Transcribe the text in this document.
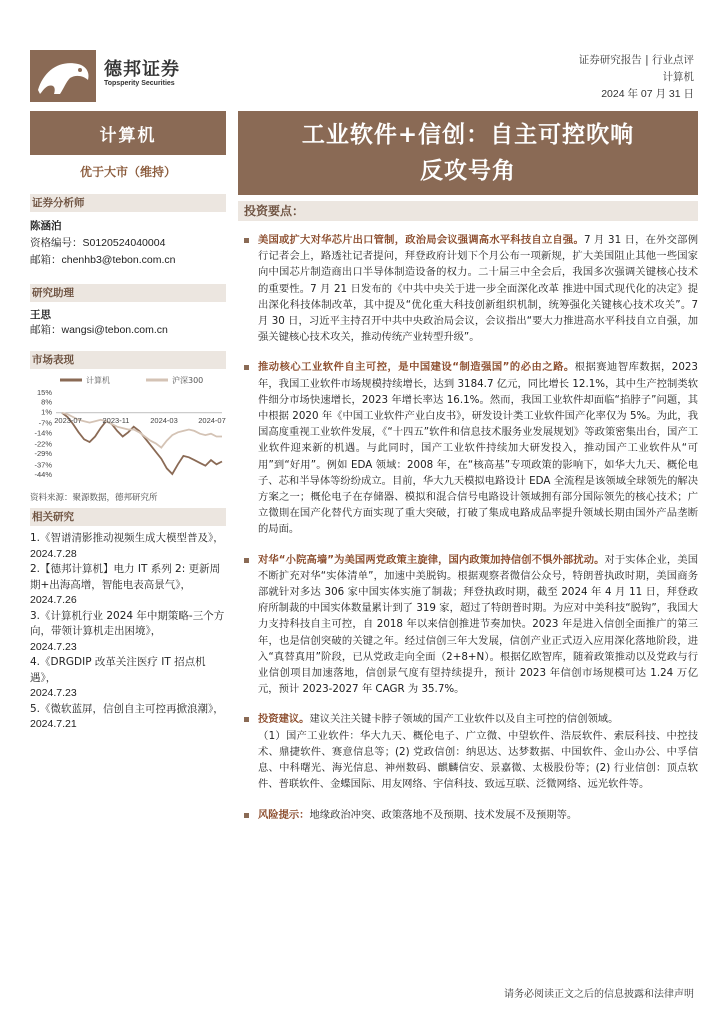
德邦证券
Topsperity Securities
证券研究报告 | 行业点评
计算机
2024 年 07 月 31 日
计算机	工业软件+信创：自主可控吹响
反攻号角
优于大市（维持）
证券分析师
陈涵泊
资格编号：S0120524040004
邮箱：chenhb3@tebon.com.cn
研究助理
王思
邮箱：wangsi@tebon.com.cn
市场表现
计算机	沪深300
15%
8%
1%
-7%
-14%
-22%
-29%
-37%
-44%
2023-07	2023-11	2024-03	2024-07
资料来源：聚源数据，德邦研究所
相关研究
1.《智谱清影推动视频生成大模型普及》，
2024.7.28
2.【德邦计算机】电力 IT 系列 2: 更新周期+出海高增，智能电表高景气》，
2024.7.26
3.《计算机行业 2024 年中期策略-三个方向，带领计算机走出困境》，
2024.7.23
4.《DRGDIP 改革关注医疗 IT 招点机遇》，
2024.7.23
5.《微软蓝屏，信创自主可控再掀浪潮》，
2024.7.21
投资要点：
美国或扩大对华芯片出口管制，政治局会议强调高水平科技自立自强。7 月 31 日，在外交部例行记者会上，路透社记者提问，拜登政府计划下个月公布一项新规，扩大美国阻止其他一些国家向中国芯片制造商出口半导体制造设备的权力。二十届三中全会后，我国多次强调关键核心技术的重要性。7 月 21 日发布的《中共中央关于进一步全面深化改革 推进中国式现代化的决定》提出深化科技体制改革，其中提及“优化重大科技创新组织机制，统筹强化关键核心技术攻关”。7 月 30 日，习近平主持召开中共中央政治局会议，会议指出“要大力推进高水平科技自立自强，加强关键核心技术攻关，推动传统产业转型升级”。
推动核心工业软件自主可控，是中国建设“制造强国”的必由之路。根据赛迪智库数据，2023 年，我国工业软件市场规模持续增长，达到 3184.7 亿元，同比增长 12.1%，其中生产控制类软件细分市场快速增长，2023 年增长率达 16.1%。然而，我国工业软件却面临“掐脖子”问题，其中根据 2020 年《中国工业软件产业白皮书》，研发设计类工业软件国产化率仅为 5%。为此，我国高度重视工业软件发展，《“十四五”软件和信息技术服务业发展规划》等政策密集出台，国产工业软件迎来新的机遇。与此同时，国产工业软件持续加大研发投入，推动国产工业软件从“可用”到“好用”。例如 EDA 领域：2008 年，在“核高基”专项政策的影响下，如华大九天、概伦电子、芯和半导体等纷纷成立。目前，华大九天模拟电路设计 EDA 全流程是该领域全球领先的解决方案之一；概伦电子在存储器、模拟和混合信号电路设计领域拥有部分国际领先的核心技术；广立微則在国产化替代方面实现了重大突破，打破了集成电路成品率提升领域长期由国外产品垄断的局面。
对华“小院高墙”为美国两党政策主旋律，国内政策加持信创不惧外部扰动。对于实体企业，美国不断扩充对华“实体清单”，加速中美脱钩。根据观察者微信公众号，特朗普执政时期，美国商务部就针对多达 306 家中国实体实施了制裁；拜登执政时期，截至 2024 年 4 月 11 日，拜登政府所制裁的中国实体数量累计到了 319 家，超过了特朗普时期。为应对中美科技“脱钩”，我国大力支持科技自主可控，自 2018 年以来信创推进节奏加快。2023 年是进入信创全面推广的第三年，也是信创突破的关键之年。经过信创三年大发展，信创产业正式迈入应用深化落地阶段，进入“真替真用”阶段，已从党政走向全面（2+8+N）。根据亿欧智库，随着政策推动以及党政与行业信创项目加速落地，信创景气度有望持续提升，预计 2023 年信创市场规模可达 1.24 万亿元，预计 2023-2027 年 CAGR 为 35.7%。
投资建议。建议关注关键卡脖子领域的国产工业软件以及自主可控的信创领域。
（1）国产工业软件：华大九天、概伦电子、广立微、中望软件、浩辰软件、索辰科技、中控技术、鼎捷软件、赛意信息等；(2) 党政信创：纳思达、达梦数据、中国软件、金山办公、中孚信息、中科曙光、海光信息、神州数码、麒麟信安、景嘉微、太极股份等；(2) 行业信创：顶点软件、普联软件、金蝶国际、用友网络、宇信科技、致远互联、泛微网络、远光软件等。
风险提示：地缘政治冲突、政策落地不及预期、技术发展不及预期等。
请务必阅读正文之后的信息披露和法律声明
